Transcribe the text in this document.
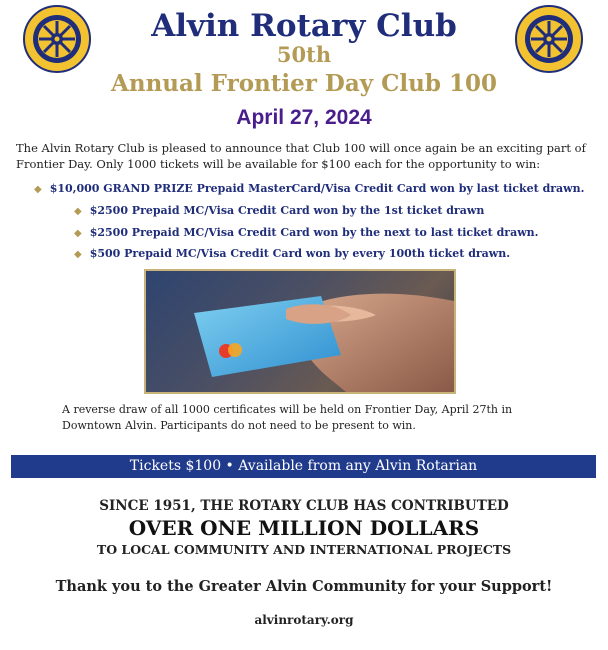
Alvin Rotary Club
50th
Annual Frontier Day Club 100
April 27, 2024
The Alvin Rotary Club is pleased to announce that Club 100 will once again be an exciting part of Frontier Day. Only 1000 tickets will be available for $100 each for the opportunity to win:
◆ $10,000 GRAND PRIZE Prepaid MasterCard/Visa Credit Card won by last ticket drawn.
◆ $2500 Prepaid MC/Visa Credit Card won by the 1st ticket drawn
◆ $2500 Prepaid MC/Visa Credit Card won by the next to last ticket drawn.
◆ $500 Prepaid MC/Visa Credit Card won by every 100th ticket drawn.
A reverse draw of all 1000 certificates will be held on Frontier Day, April 27th in Downtown Alvin. Participants do not need to be present to win.
Tickets $100 • Available from any Alvin Rotarian
SINCE 1951, THE ROTARY CLUB HAS CONTRIBUTED
OVER ONE MILLION DOLLARS
TO LOCAL COMMUNITY AND INTERNATIONAL PROJECTS
Thank you to the Greater Alvin Community for your Support!
alvinrotary.org
